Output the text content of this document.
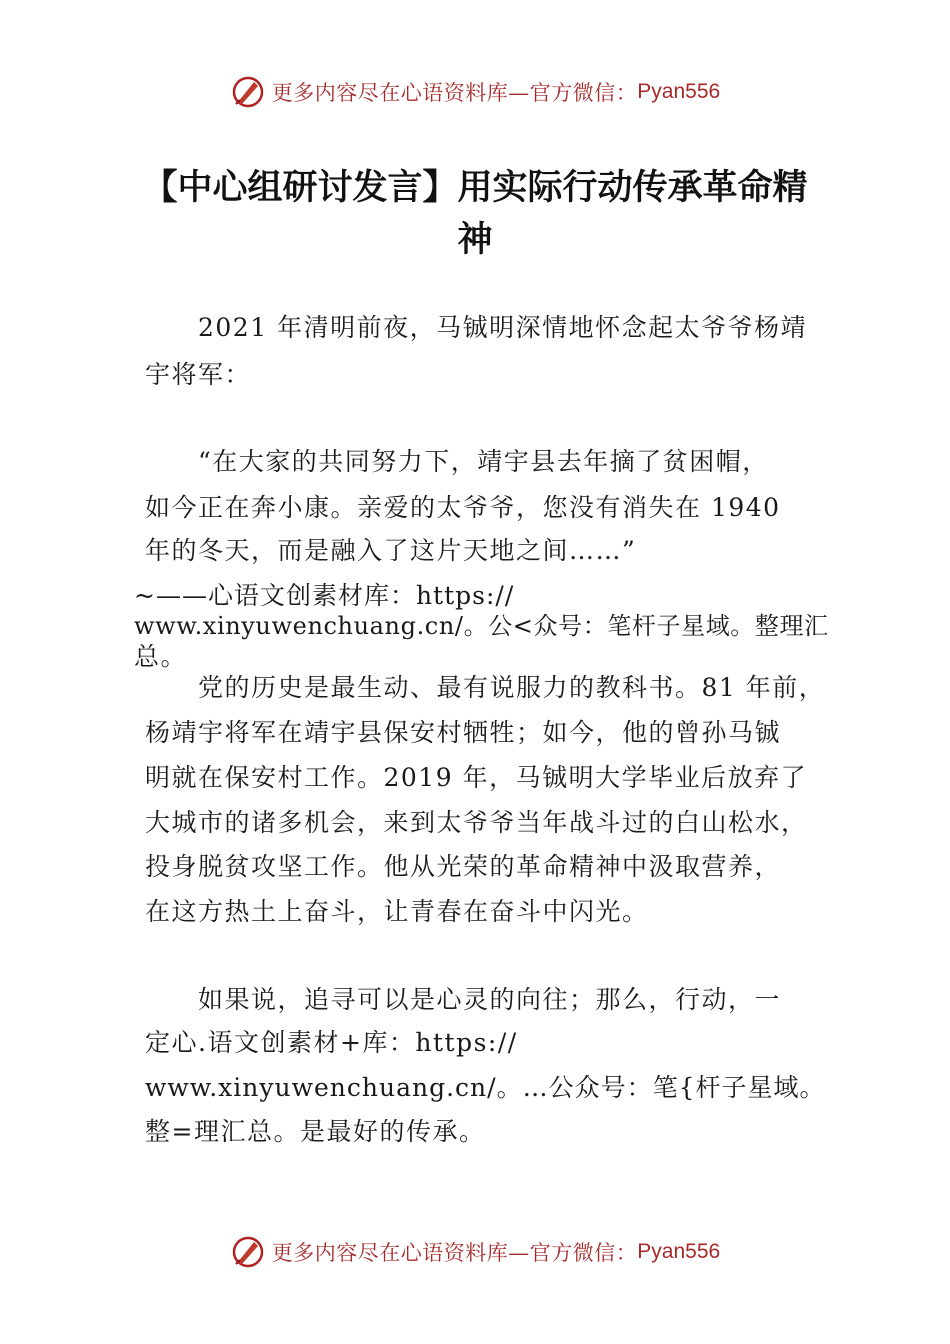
更多内容尽在心语资料库—官方微信： Pyan556
【中心组研讨发言】用实际行动传承革命精
神
2021 年清明前夜，马铖明深情地怀念起太爷爷杨靖
宇将军：
“在大家的共同努力下，靖宇县去年摘了贫困帽，
如今正在奔小康。亲爱的太爷爷，您没有消失在 1940
年的冬天，而是融入了这片天地之间……”
~——心语文创素材库：https://
www.xinyuwenchuang.cn/。公<众号：笔杆子星域。整理汇
总。
党的历史是最生动、最有说服力的教科书。81 年前，
杨靖宇将军在靖宇县保安村牺牲；如今，他的曾孙马铖
明就在保安村工作。2019 年，马铖明大学毕业后放弃了
大城市的诸多机会，来到太爷爷当年战斗过的白山松水，
投身脱贫攻坚工作。他从光荣的革命精神中汲取营养，
在这方热土上奋斗，让青春在奋斗中闪光。
如果说，追寻可以是心灵的向往；那么，行动，一
定心.语文创素材+库：https://
www.xinyuwenchuang.cn/。…公众号：笔{杆子星域。
整=理汇总。是最好的传承。
更多内容尽在心语资料库—官方微信： Pyan556
